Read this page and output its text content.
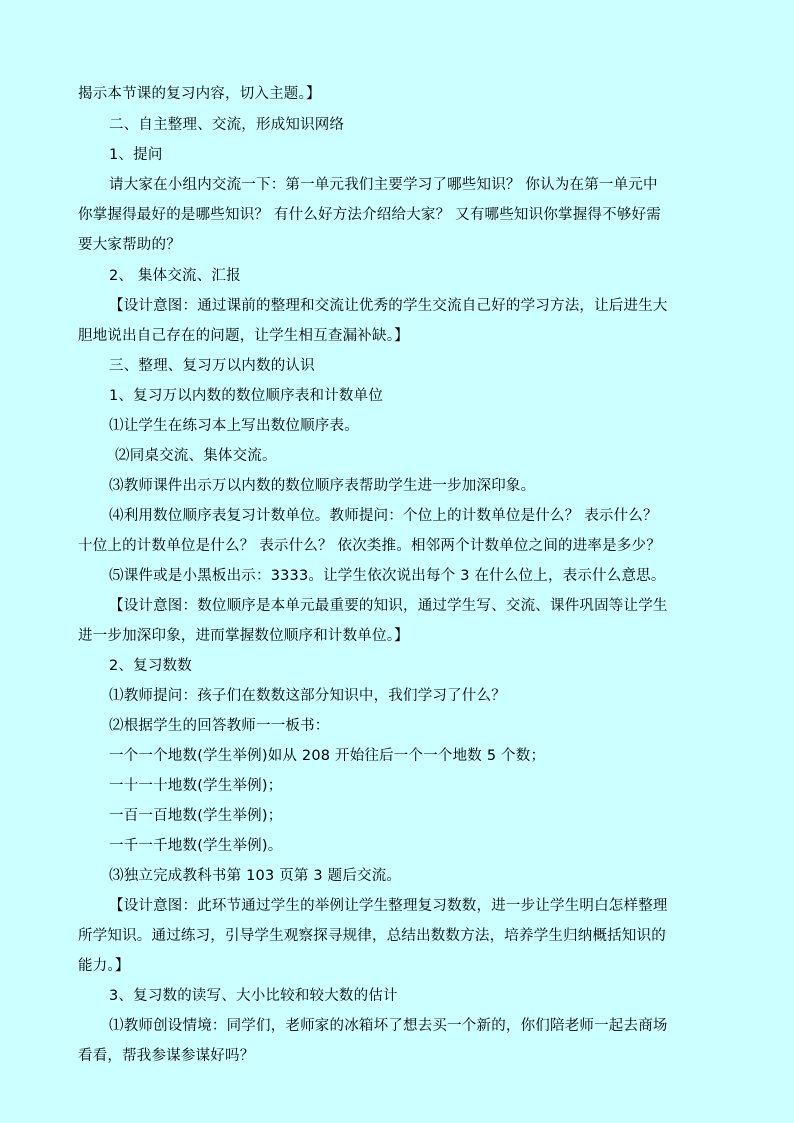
揭示本节课的复习内容，切入主题。】
二、自主整理、交流，形成知识网络
1、提问
请大家在小组内交流一下：第一单元我们主要学习了哪些知识？ 你认为在第一单元中
你掌握得最好的是哪些知识？ 有什么好方法介绍给大家？ 又有哪些知识你掌握得不够好需
要大家帮助的？
2、 集体交流、汇报
【设计意图：通过课前的整理和交流让优秀的学生交流自己好的学习方法，让后进生大
胆地说出自己存在的问题，让学生相互查漏补缺。】
三、整理、复习万以内数的认识
1、复习万以内数的数位顺序表和计数单位
⑴让学生在练习本上写出数位顺序表。
⑵同桌交流、集体交流。
⑶教师课件出示万以内数的数位顺序表帮助学生进一步加深印象。
⑷利用数位顺序表复习计数单位。教师提问：个位上的计数单位是什么？ 表示什么？
十位上的计数单位是什么？ 表示什么？ 依次类推。相邻两个计数单位之间的进率是多少？
⑸课件或是小黑板出示：3333。让学生依次说出每个 3 在什么位上，表示什么意思。
【设计意图：数位顺序是本单元最重要的知识，通过学生写、交流、课件巩固等让学生
进一步加深印象，进而掌握数位顺序和计数单位。】
2、复习数数
⑴教师提问：孩子们在数数这部分知识中，我们学习了什么？
⑵根据学生的回答教师一一板书：
一个一个地数(学生举例)如从 208 开始往后一个一个地数 5 个数；
一十一十地数(学生举例)；
一百一百地数(学生举例)；
一千一千地数(学生举例)。
⑶独立完成教科书第 103 页第 3 题后交流。
【设计意图：此环节通过学生的举例让学生整理复习数数，进一步让学生明白怎样整理
所学知识。通过练习，引导学生观察探寻规律，总结出数数方法，培养学生归纳概括知识的
能力。】
3、复习数的读写、大小比较和较大数的估计
⑴教师创设情境：同学们，老师家的冰箱坏了想去买一个新的，你们陪老师一起去商场
看看，帮我参谋参谋好吗？
